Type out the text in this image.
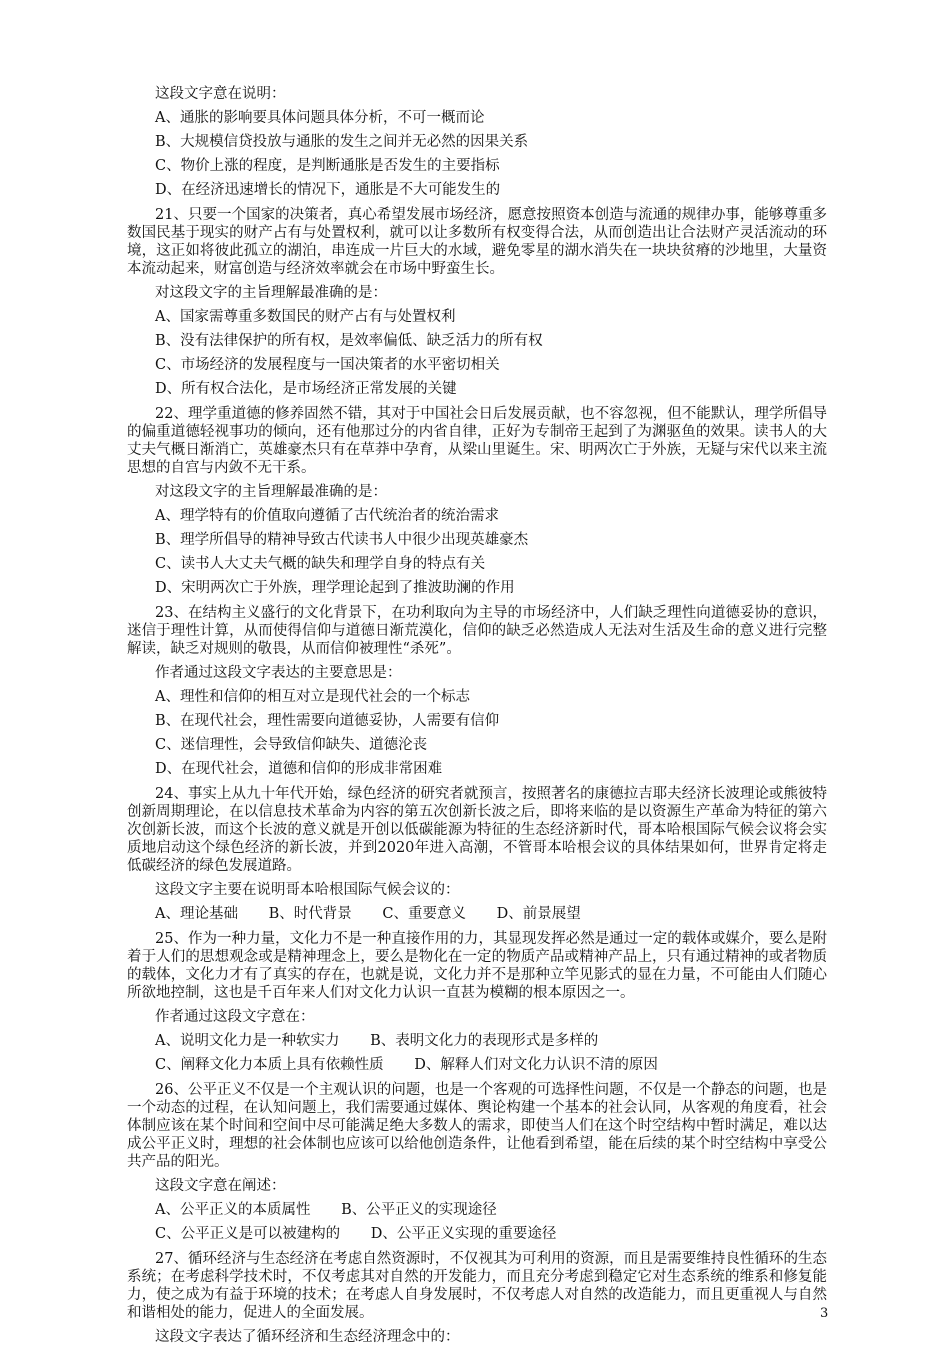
这段文字意在说明：
A、通胀的影响要具体问题具体分析，不可一概而论
B、大规模信贷投放与通胀的发生之间并无必然的因果关系
C、物价上涨的程度，是判断通胀是否发生的主要指标
D、在经济迅速增长的情况下，通胀是不大可能发生的
21、只要一个国家的决策者，真心希望发展市场经济，愿意按照资本创造与流通的规律办事，能够尊重多数国民基于现实的财产占有与处置权利，就可以让多数所有权变得合法，从而创造出让合法财产灵活流动的环境，这正如将彼此孤立的湖泊，串连成一片巨大的水域，避免零星的湖水消失在一块块贫瘠的沙地里，大量资本流动起来，财富创造与经济效率就会在市场中野蛮生长。
对这段文字的主旨理解最准确的是：
A、国家需尊重多数国民的财产占有与处置权利
B、没有法律保护的所有权，是效率偏低、缺乏活力的所有权
C、市场经济的发展程度与一国决策者的水平密切相关
D、所有权合法化，是市场经济正常发展的关键
22、理学重道德的修养固然不错，其对于中国社会日后发展贡献，也不容忽视，但不能默认，理学所倡导的偏重道德轻视事功的倾向，还有他那过分的内省自律，正好为专制帝王起到了为渊驱鱼的效果。读书人的大丈夫气概日渐消亡，英雄豪杰只有在草莽中孕育，从梁山里诞生。宋、明两次亡于外族，无疑与宋代以来主流思想的自宫与内敛不无干系。
对这段文字的主旨理解最准确的是：
A、理学特有的价值取向遵循了古代统治者的统治需求
B、理学所倡导的精神导致古代读书人中很少出现英雄豪杰
C、读书人大丈夫气概的缺失和理学自身的特点有关
D、宋明两次亡于外族，理学理论起到了推波助澜的作用
23、在结构主义盛行的文化背景下，在功利取向为主导的市场经济中，人们缺乏理性向道德妥协的意识，迷信于理性计算，从而使得信仰与道德日渐荒漠化，信仰的缺乏必然造成人无法对生活及生命的意义进行完整解读，缺乏对规则的敬畏，从而信仰被理性“杀死”。
作者通过这段文字表达的主要意思是：
A、理性和信仰的相互对立是现代社会的一个标志
B、在现代社会，理性需要向道德妥协，人需要有信仰
C、迷信理性，会导致信仰缺失、道德沦丧
D、在现代社会，道德和信仰的形成非常困难
24、事实上从九十年代开始，绿色经济的研究者就预言，按照著名的康德拉吉耶夫经济长波理论或熊彼特创新周期理论，在以信息技术革命为内容的第五次创新长波之后，即将来临的是以资源生产革命为特征的第六次创新长波，而这个长波的意义就是开创以低碳能源为特征的生态经济新时代，哥本哈根国际气候会议将会实质地启动这个绿色经济的新长波，并到2020年进入高潮，不管哥本哈根会议的具体结果如何，世界肯定将走低碳经济的绿色发展道路。
这段文字主要在说明哥本哈根国际气候会议的：
A、理论基础 B、时代背景 C、重要意义 D、前景展望
25、作为一种力量，文化力不是一种直接作用的力，其显现发挥必然是通过一定的载体或媒介，要么是附着于人们的思想观念或是精神理念上，要么是物化在一定的物质产品或精神产品上，只有通过精神的或者物质的载体，文化力才有了真实的存在，也就是说，文化力并不是那种立竿见影式的显在力量，不可能由人们随心所欲地控制，这也是千百年来人们对文化力认识一直甚为模糊的根本原因之一。
作者通过这段文字意在：
A、说明文化力是一种软实力 B、表明文化力的表现形式是多样的
C、阐释文化力本质上具有依赖性质 D、解释人们对文化力认识不清的原因
26、公平正义不仅是一个主观认识的问题，也是一个客观的可选择性问题，不仅是一个静态的问题，也是一个动态的过程，在认知问题上，我们需要通过媒体、舆论构建一个基本的社会认同，从客观的角度看，社会体制应该在某个时间和空间中尽可能满足绝大多数人的需求，即使当人们在这个时空结构中暂时满足，难以达成公平正义时，理想的社会体制也应该可以给他创造条件，让他看到希望，能在后续的某个时空结构中享受公共产品的阳光。
这段文字意在阐述：
A、公平正义的本质属性 B、公平正义的实现途径
C、公平正义是可以被建构的 D、公平正义实现的重要途径
27、循环经济与生态经济在考虑自然资源时，不仅视其为可利用的资源，而且是需要维持良性循环的生态系统；在考虑科学技术时，不仅考虑其对自然的开发能力，而且充分考虑到稳定它对生态系统的维系和修复能力，使之成为有益于环境的技术；在考虑人自身发展时，不仅考虑人对自然的改造能力，而且更重视人与自然和谐相处的能力，促进人的全面发展。
这段文字表达了循环经济和生态经济理念中的：
3
